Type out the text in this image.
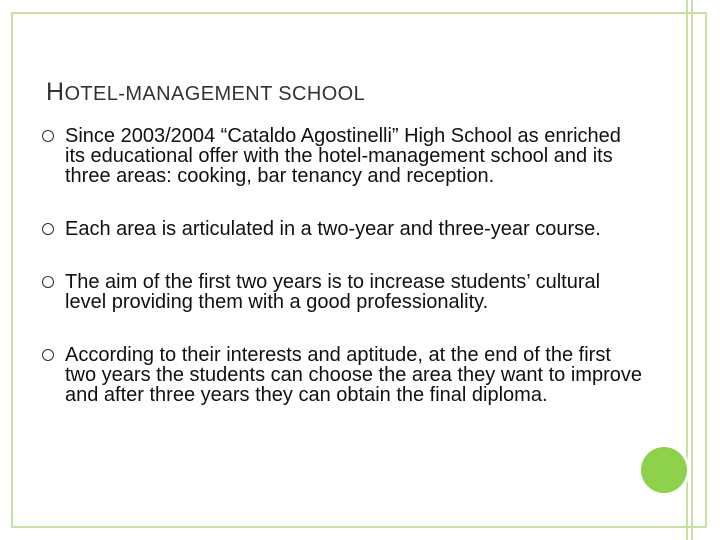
HOTEL-MANAGEMENT SCHOOL

Since 2003/2004 “Cataldo Agostinelli” High School as enriched its educational offer with the hotel-management school and its three areas: cooking, bar tenancy and reception.

Each area is articulated in a two-year and three-year course.

The aim of the first two years is to increase students’ cultural level providing them with a good professionality.

According to their interests and aptitude, at the end of the first two years the students can choose the area they want to improve and after three years they can obtain the final diploma.
